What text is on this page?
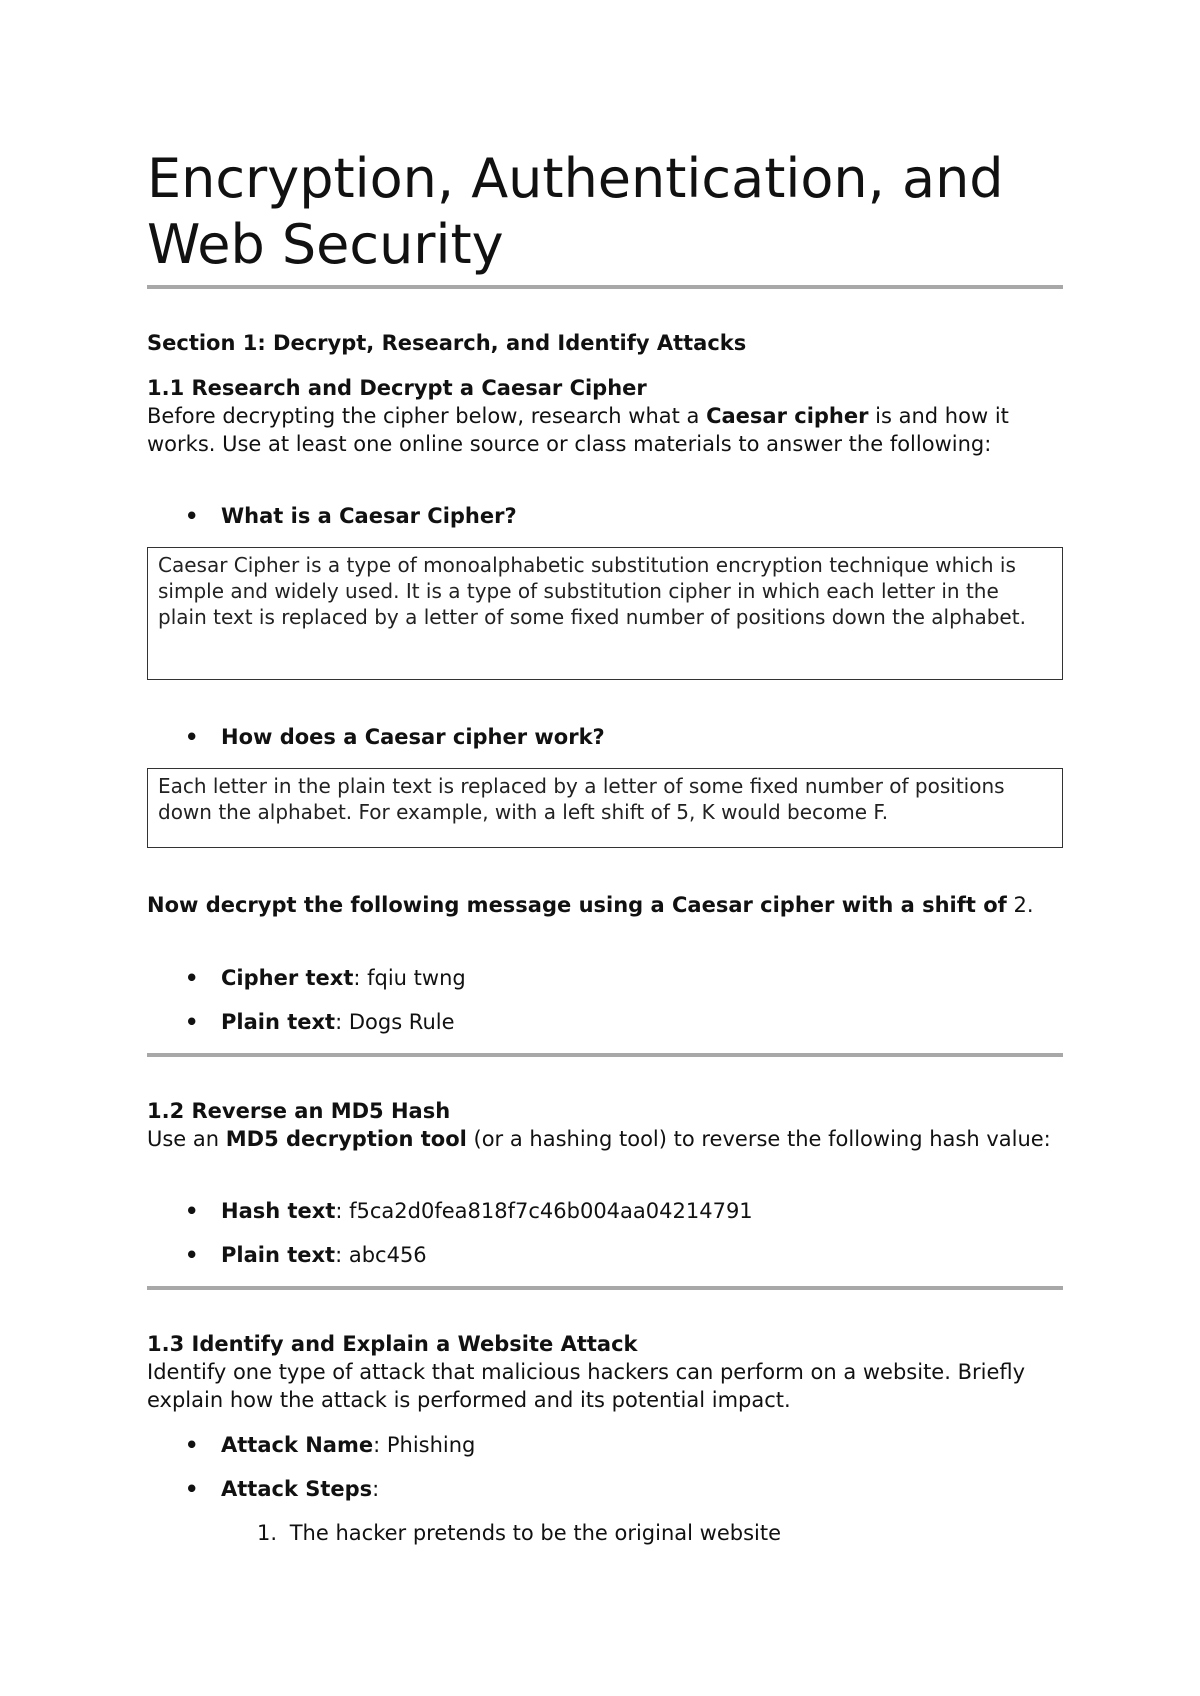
Encryption, Authentication, and Web Security

Section 1: Decrypt, Research, and Identify Attacks

1.1 Research and Decrypt a Caesar Cipher

Before decrypting the cipher below, research what a Caesar cipher is and how it works. Use at least one online source or class materials to answer the following:

• What is a Caesar Cipher?
Caesar Cipher is a type of monoalphabetic substitution encryption technique which is simple and widely used. It is a type of substitution cipher in which each letter in the plain text is replaced by a letter of some fixed number of positions down the alphabet.
• How does a Caesar cipher work?
Each letter in the plain text is replaced by a letter of some fixed number of positions down the alphabet. For example, with a left shift of 5, K would become F.

Now decrypt the following message using a Caesar cipher with a shift of 2.

• Cipher text: fqiu twng
• Plain text: Dogs Rule

1.2 Reverse an MD5 Hash

Use an MD5 decryption tool (or a hashing tool) to reverse the following hash value:

• Hash text: f5ca2d0fea818f7c46b004aa04214791
• Plain text: abc456

1.3 Identify and Explain a Website Attack

Identify one type of attack that malicious hackers can perform on a website. Briefly explain how the attack is performed and its potential impact.

• Attack Name: Phishing
• Attack Steps:
1. The hacker pretends to be the original website
